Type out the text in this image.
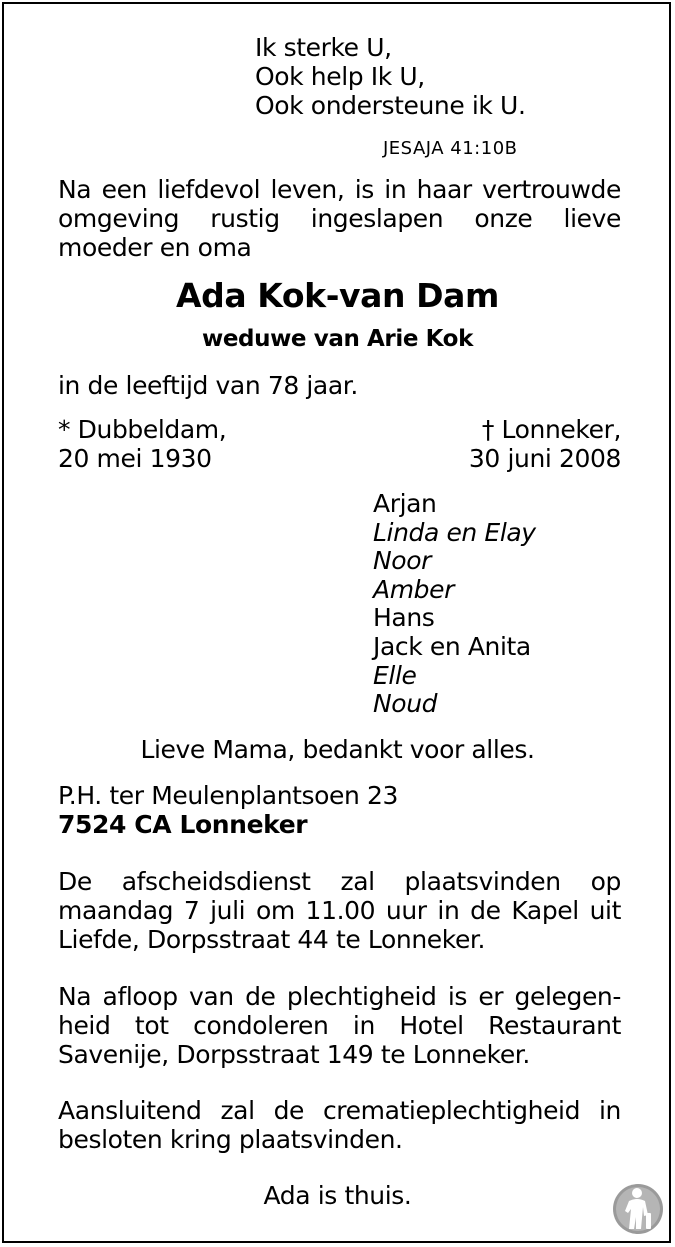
Ik sterke U,
Ook help Ik U,
Ook ondersteune ik U.
JESAJA 41:10B
Na een liefdevol leven, is in haar vertrouwde
omgeving rustig ingeslapen onze lieve
moeder en oma
Ada Kok-van Dam
weduwe van Arie Kok
in de leeftijd van 78 jaar.
* Dubbeldam,
20 mei 1930
† Lonneker,
30 juni 2008
Arjan
Linda en Elay
Noor
Amber
Hans
Jack en Anita
Elle
Noud
Lieve Mama, bedankt voor alles.
P.H. ter Meulenplantsoen 23
7524 CA Lonneker
De afscheidsdienst zal plaatsvinden op
maandag 7 juli om 11.00 uur in de Kapel uit
Liefde, Dorpsstraat 44 te Lonneker.
Na afloop van de plechtigheid is er gelegen-
heid tot condoleren in Hotel Restaurant
Savenije, Dorpsstraat 149 te Lonneker.
Aansluitend zal de crematieplechtigheid in
besloten kring plaatsvinden.
Ada is thuis.
